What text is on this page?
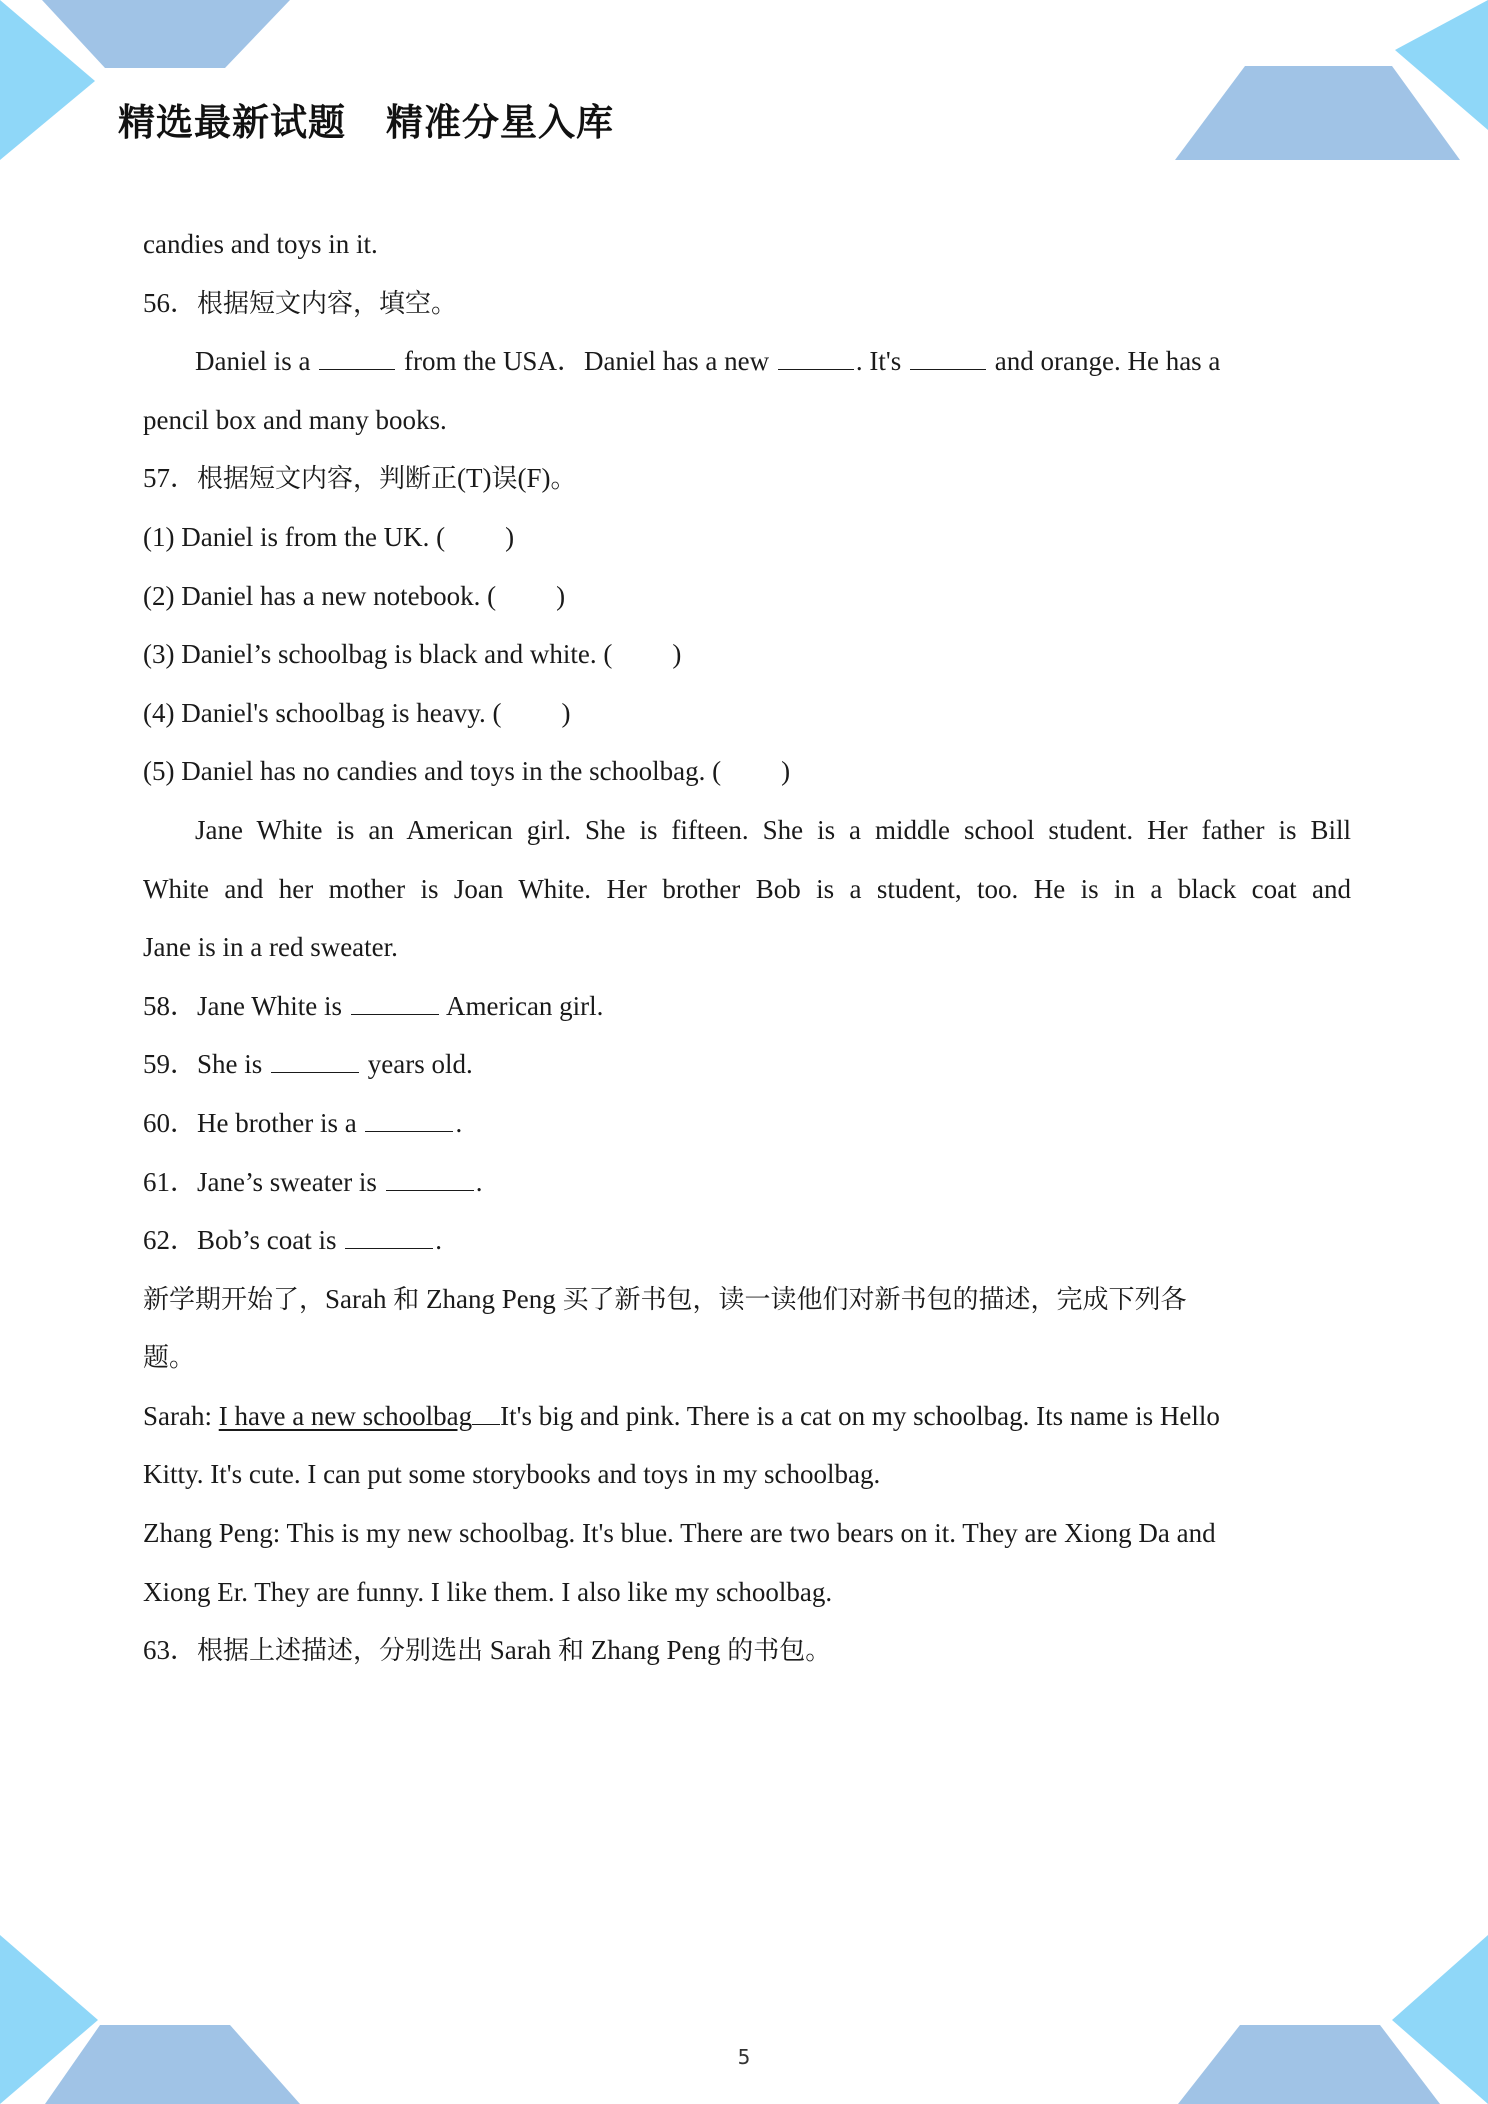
精选最新试题 精准分星入库
candies and toys in it.
56．根据短文内容，填空。
Daniel is a	from the USA．Daniel has a new	. It's	and orange. He has a
pencil box and many books.
57．根据短文内容，判断正(T)误(F)。
(1) Daniel is from the UK. ( )
(2) Daniel has a new notebook. ( )
(3) Daniel’s schoolbag is black and white. ( )
(4) Daniel's schoolbag is heavy. ( )
(5) Daniel has no candies and toys in the schoolbag. ( )
Jane White is an American girl. She is fifteen. She is a middle school student. Her father is Bill
White and her mother is Joan White. Her brother Bob is a student, too. He is in a black coat and
Jane is in a red sweater.
58．Jane White is	American girl.
59．She is	years old.
60．He brother is a	.
61．Jane’s sweater is	.
62．Bob’s coat is	.
新学期开始了，Sarah 和 Zhang Peng 买了新书包，读一读他们对新书包的描述，完成下列各
题。
Sarah: I have a new schoolbag It's big and pink. There is a cat on my schoolbag. Its name is Hello
Kitty. It's cute. I can put some storybooks and toys in my schoolbag.
Zhang Peng: This is my new schoolbag. It's blue. There are two bears on it. They are Xiong Da and
Xiong Er. They are funny. I like them. I also like my schoolbag.
63．根据上述描述，分别选出 Sarah 和 Zhang Peng 的书包。
5
